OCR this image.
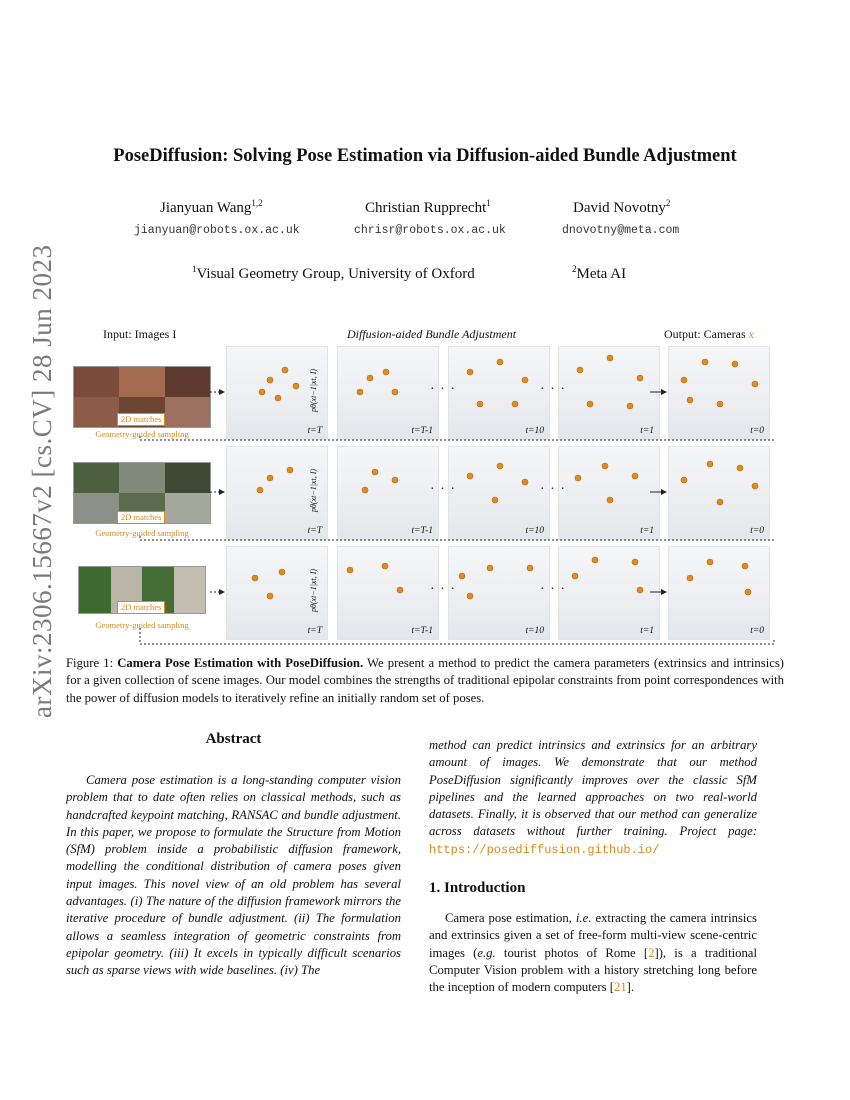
PoseDiffusion: Solving Pose Estimation via Diffusion-aided Bundle Adjustment
Jianyuan Wang$^{1,2}$	Christian Rupprecht$^1$	David Novotny$^2$
jianyuan@robots.ox.ac.uk	chrisr@robots.ox.ac.uk	dnovotny@meta.com
$^1$Visual Geometry Group, University of Oxford	$^2$Meta AI
arXiv:2306.15667v2 [cs.CV] 28 Jun 2023	Input: Images I	Diffusion-aided Bundle Adjustment	Output: Cameras x
2D matches
Geometry-guided sampling
2D matches
Geometry-guided sampling
2D matches
Geometry-guided sampling
t=T	t=T-1	t=10	t=1	t=0
t=T	t=T-1	t=10	t=1	t=0
t=T	t=T-1	t=10	t=1	t=0
· · ·	· · ·
· · ·	· · ·
· · ·	· · ·
pθ(xt−1|xt, I)
pθ(xt−1|xt, I)
pθ(xt−1|xt, I)
Figure 1: Camera Pose Estimation with PoseDiffusion. We present a method to predict the camera parameters (extrinsics and intrinsics) for a given collection of scene images. Our model combines the strengths of traditional epipolar constraints from point correspondences with the power of diffusion models to iteratively refine an initially random set of poses.
Abstract
Camera pose estimation is a long-standing computer vision problem that to date often relies on classical methods, such as handcrafted keypoint matching, RANSAC and bundle adjustment. In this paper, we propose to formulate the Structure from Motion (SfM) problem inside a probabilistic diffusion framework, modelling the conditional distribution of camera poses given input images. This novel view of an old problem has several advantages. (i) The nature of the diffusion framework mirrors the iterative procedure of bundle adjustment. (ii) The formulation allows a seamless integration of geometric constraints from epipolar geometry. (iii) It excels in typically difficult scenarios such as sparse views with wide baselines. (iv) The
method can predict intrinsics and extrinsics for an arbitrary amount of images. We demonstrate that our method PoseDiffusion significantly improves over the classic SfM pipelines and the learned approaches on two real-world datasets. Finally, it is observed that our method can generalize across datasets without further training. Project page: https://posediffusion.github.io/
1. Introduction
Camera pose estimation, i.e. extracting the camera intrinsics and extrinsics given a set of free-form multi-view scene-centric images (e.g. tourist photos of Rome [2]), is a traditional Computer Vision problem with a history stretching long before the inception of modern computers [21].
